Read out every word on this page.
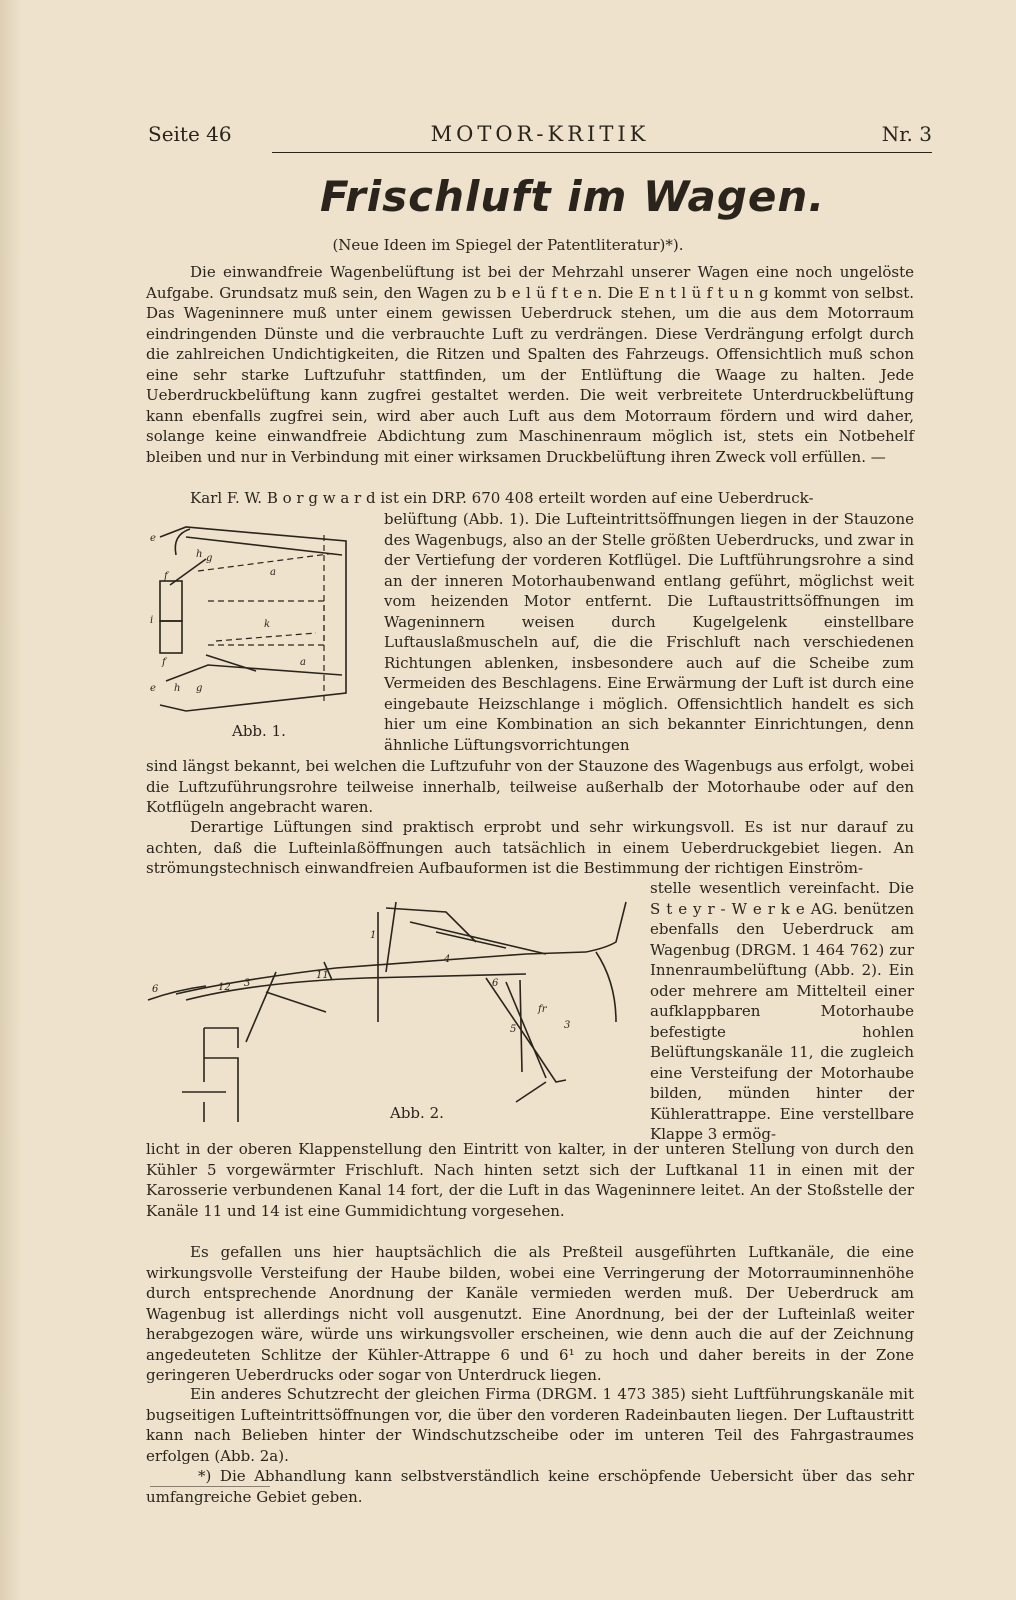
Seite 46	MOTOR-KRITIK	Nr. 3
Frischluft im Wagen.
(Neue Ideen im Spiegel der Patentliteratur)*).
Die einwandfreie Wagenbelüftung ist bei der Mehrzahl unserer Wagen eine noch ungelöste Aufgabe. Grundsatz muß sein, den Wagen zu b e l ü f t e n. Die E n t l ü f t u n g kommt von selbst. Das Wageninnere muß unter einem gewissen Ueberdruck stehen, um die aus dem Motorraum eindringenden Dünste und die verbrauchte Luft zu verdrängen. Diese Verdrängung erfolgt durch die zahlreichen Undichtigkeiten, die Ritzen und Spalten des Fahrzeugs. Offensichtlich muß schon eine sehr starke Luftzufuhr stattfinden, um der Entlüftung die Waage zu halten. Jede Ueberdruckbelüftung kann zugfrei gestaltet werden. Die weit verbreitete Unterdruckbelüftung kann ebenfalls zugfrei sein, wird aber auch Luft aus dem Motorraum fördern und wird daher, solange keine einwandfreie Abdichtung zum Maschinenraum möglich ist, stets ein Notbehelf bleiben und nur in Verbindung mit einer wirksamen Druckbelüftung ihren Zweck voll erfüllen. —
Karl F. W. B o r g w a r d ist ein DRP. 670 408 erteilt worden auf eine Ueberdruck-
e
h g
a
f
k
i
f	a
e h g
Abb. 1.
belüftung (Abb. 1). Die Lufteintrittsöffnungen liegen in der Stauzone des Wagenbugs, also an der Stelle größten Ueberdrucks, und zwar in der Vertiefung der vorderen Kotflügel. Die Luftführungsrohre a sind an der inneren Motorhaubenwand entlang geführt, möglichst weit vom heizenden Motor entfernt. Die Luftaustrittsöffnungen im Wageninnern weisen durch Kugelgelenk einstellbare Luftauslaßmuscheln auf, die die Frischluft nach verschiedenen Richtungen ablenken, insbesondere auch auf die Scheibe zum Vermeiden des Beschlagens. Eine Erwärmung der Luft ist durch eine eingebaute Heizschlange i möglich. Offensichtlich handelt es sich hier um eine Kombination an sich bekannter Einrichtungen, denn ähnliche Lüftungsvorrichtungen
sind längst bekannt, bei welchen die Luftzufuhr von der Stauzone des Wagenbugs aus erfolgt, wobei die Luftzuführungsrohre teilweise innerhalb, teilweise außerhalb der Motorhaube oder auf den Kotflügeln angebracht waren.
Derartige Lüftungen sind praktisch erprobt und sehr wirkungsvoll. Es ist nur darauf zu achten, daß die Lufteinlaßöffnungen auch tatsächlich in einem Ueberdruckgebiet liegen. An strömungstechnisch einwandfreien Aufbauformen ist die Bestimmung der richtigen Einström-
6	12 3
11
1
4
6
5
fr
3
Abb. 2.
stelle wesentlich vereinfacht. Die S t e y r - W e r k e AG. benützen ebenfalls den Ueberdruck am Wagenbug (DRGM. 1 464 762) zur Innenraumbelüftung (Abb. 2). Ein oder mehrere am Mittelteil einer aufklappbaren Motorhaube befestigte hohlen Belüftungskanäle 11, die zugleich eine Versteifung der Motorhaube bilden, münden hinter der Kühlerattrappe. Eine verstellbare Klappe 3 ermög-
licht in der oberen Klappenstellung den Eintritt von kalter, in der unteren Stellung von durch den Kühler 5 vorgewärmter Frischluft. Nach hinten setzt sich der Luftkanal 11 in einen mit der Karosserie verbundenen Kanal 14 fort, der die Luft in das Wageninnere leitet. An der Stoßstelle der Kanäle 11 und 14 ist eine Gummidichtung vorgesehen.
Es gefallen uns hier hauptsächlich die als Preßteil ausgeführten Luftkanäle, die eine wirkungsvolle Versteifung der Haube bilden, wobei eine Verringerung der Motorrauminnenhöhe durch entsprechende Anordnung der Kanäle vermieden werden muß. Der Ueberdruck am Wagenbug ist allerdings nicht voll ausgenutzt. Eine Anordnung, bei der der Lufteinlaß weiter herabgezogen wäre, würde uns wirkungsvoller erscheinen, wie denn auch die auf der Zeichnung angedeuteten Schlitze der Kühler-Attrappe 6 und 6¹ zu hoch und daher bereits in der Zone geringeren Ueberdrucks oder sogar von Unterdruck liegen.
Ein anderes Schutzrecht der gleichen Firma (DRGM. 1 473 385) sieht Luftführungskanäle mit bugseitigen Lufteintrittsöffnungen vor, die über den vorderen Radeinbauten liegen. Der Luftaustritt kann nach Belieben hinter der Windschutzscheibe oder im unteren Teil des Fahrgastraumes erfolgen (Abb. 2a).
*) Die Abhandlung kann selbstverständlich keine erschöpfende Uebersicht über das sehr umfangreiche Gebiet geben.
